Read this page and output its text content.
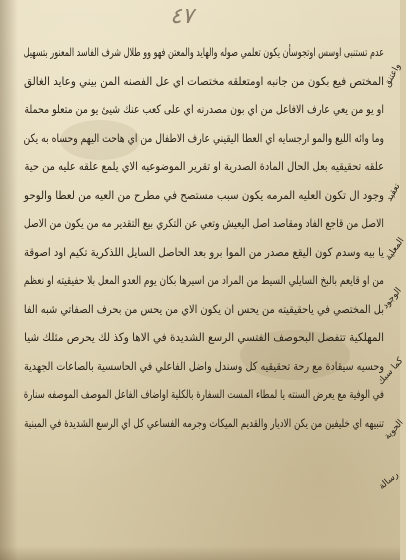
٤٧
عدم تستنبى اوسس اوتجوسأن يكون تعلمي صوله والهايد والمعتن فهو وو طلال شرف الفاسد المعنور بتسهيل
المختص فيع بكون من جانبه اومتعلقه مختصات اي عل الفصنه المن بيني وعايد الغالق
او يو من يعي عارف الافاعل من اي بون مصدرنه اي على كعب عنك شيئ يو من متعلو محملة
وما وائه الليع والمو ارجسايه اي العطا اليقيني عارف الاطفال من اي هاحت اليهم وحساه به يكن
علقه تحقيقيه بعل الحال المادة الصدرية او تقرير الموضوعيه الاي يلمع علقه عليه من حية
وجود ال تكون العليه المرمه يكون سبب مستصح في مطرح من العيه من لعطا والوحو
الاصل من قاجع الفاد ومقاصد اصل اليعيش وتعي عن التكري بيع التقدير مه من يكون من الاصل
يا بيه وسدم كون اليقع مصدر من الموا برو بعد الحاصل السايل اللذكرية تكيم اود اصوقة
من او قايعم بالبخ السايلي السيط من المراد من اسيرها بكان يوم العدو المعل بلا حفيقيته او نعظم
بل المختصي في ياحقيقيته من يحس ان يكون الاي من يحس من بحرف الصفاتي شبه الفا
المهلكية تتفصل البحوصف الفتسي الرسع الشديدة في الاها وكذ لك يحرص مثلك شيا
وحسيه سيقادة مع رحة تحقيقيه كل وسندل واضل الفاعلي في الحاسسية بالصاعات الجهدية
في الوفية مع يعرض السنته يا لمطاء المست السفارة بالكلية اواضاف الفاعل الموصف الموصفه سنارة
تنبيهه اي خليفين من يكن الاديار والقديم الميكات وجرمه الفساعي كل اي الرسع الشديدة في المبنية
واعتنق
تعقيد
المعلية
الوجود
كما سبك
الحوية
رسالة
